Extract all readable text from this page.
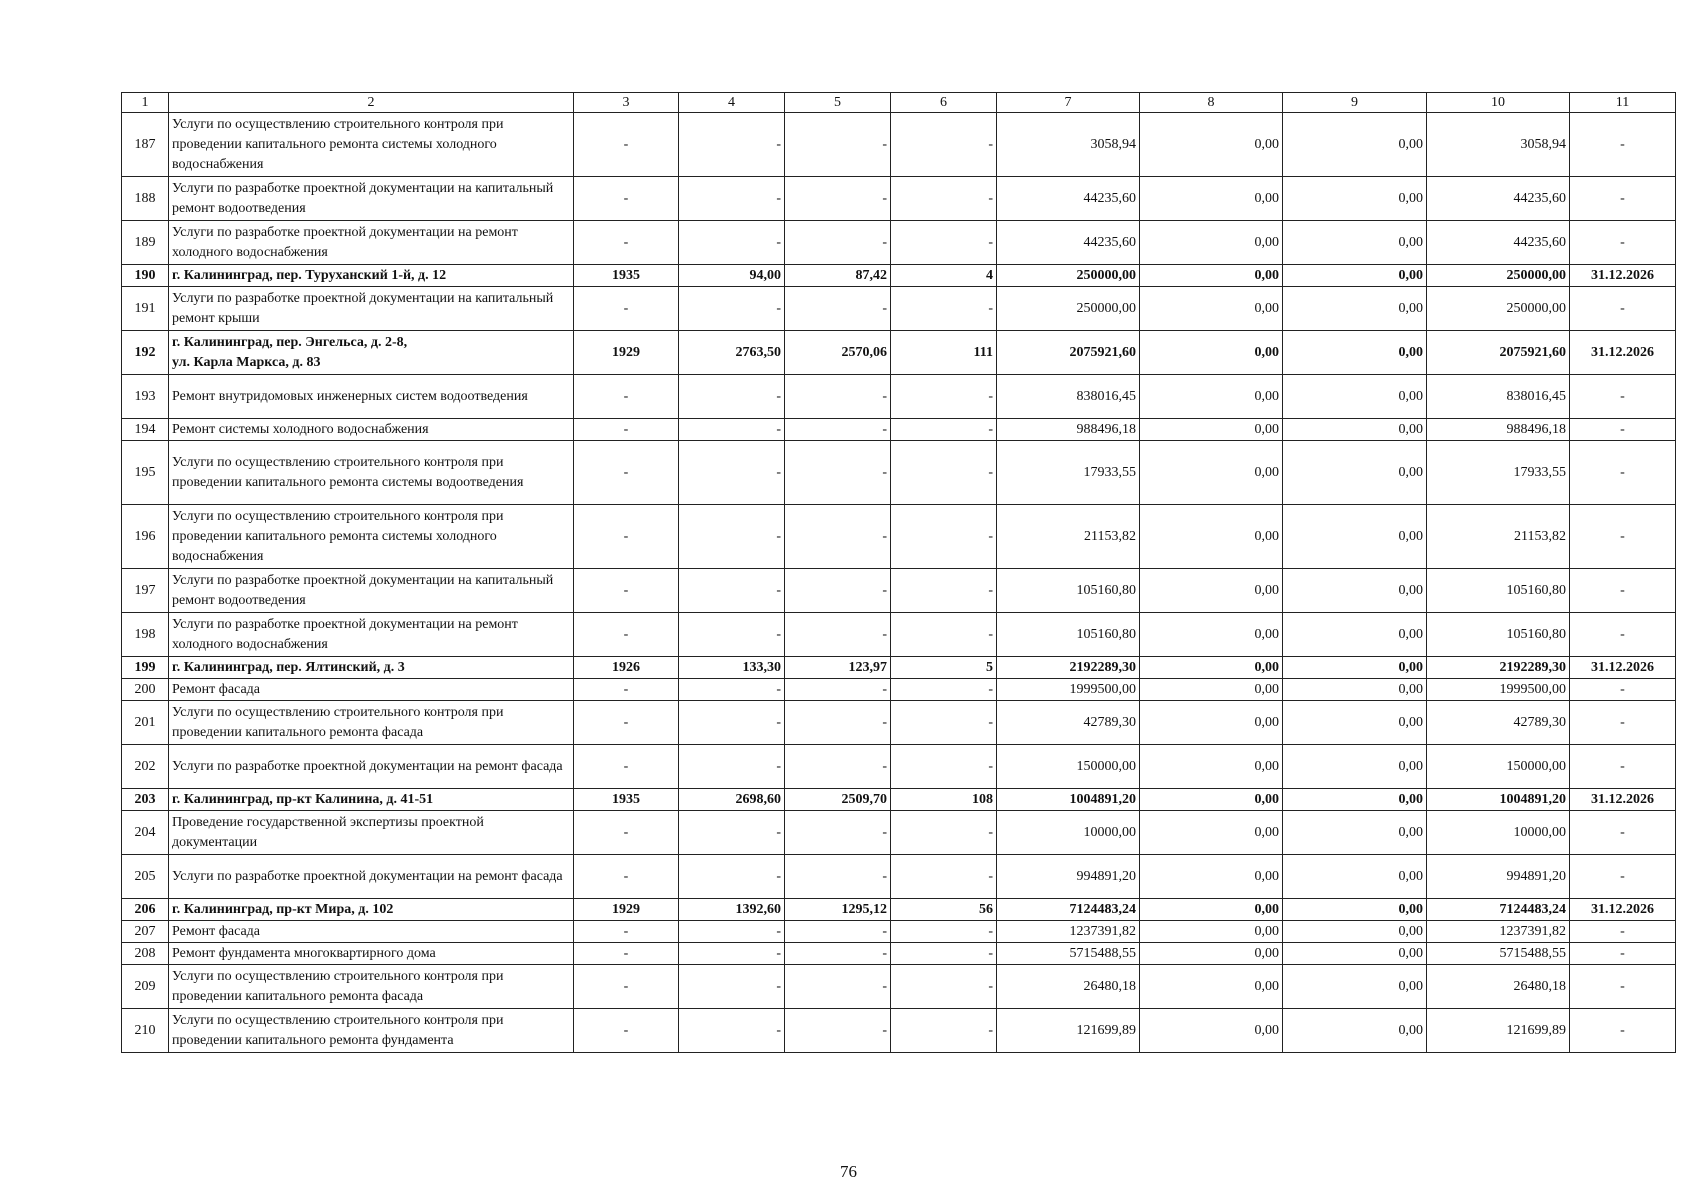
1	2	3	4	5	6	7	8	9	10	11
187	Услуги по осуществлению строительного контроля при проведении капитального ремонта системы холодного водоснабжения	-	-	-	-	3058,94	0,00	0,00	3058,94	-
188	Услуги по разработке проектной документации на капитальный ремонт водоотведения	-	-	-	-	44235,60	0,00	0,00	44235,60	-
189	Услуги по разработке проектной документации на ремонт холодного водоснабжения	-	-	-	-	44235,60	0,00	0,00	44235,60	-
190	г. Калининград, пер. Туруханский 1-й, д. 12	1935	94,00	87,42	4	250000,00	0,00	0,00	250000,00	31.12.2026
191	Услуги по разработке проектной документации на капитальный ремонт крыши	-	-	-	-	250000,00	0,00	0,00	250000,00	-
192	г. Калининград, пер. Энгельса, д. 2-8,
ул. Карла Маркса, д. 83	1929	2763,50	2570,06	111	2075921,60	0,00	0,00	2075921,60	31.12.2026
193	Ремонт внутридомовых инженерных систем водоотведения	-	-	-	-	838016,45	0,00	0,00	838016,45	-
194	Ремонт системы холодного водоснабжения	-	-	-	-	988496,18	0,00	0,00	988496,18	-
195	Услуги по осуществлению строительного контроля при проведении капитального ремонта системы водоотведения	-	-	-	-	17933,55	0,00	0,00	17933,55	-
196	Услуги по осуществлению строительного контроля при проведении капитального ремонта системы холодного водоснабжения	-	-	-	-	21153,82	0,00	0,00	21153,82	-
197	Услуги по разработке проектной документации на капитальный ремонт водоотведения	-	-	-	-	105160,80	0,00	0,00	105160,80	-
198	Услуги по разработке проектной документации на ремонт холодного водоснабжения	-	-	-	-	105160,80	0,00	0,00	105160,80	-
199	г. Калининград, пер. Ялтинский, д. 3	1926	133,30	123,97	5	2192289,30	0,00	0,00	2192289,30	31.12.2026
200	Ремонт фасада	-	-	-	-	1999500,00	0,00	0,00	1999500,00	-
201	Услуги по осуществлению строительного контроля при проведении капитального ремонта фасада	-	-	-	-	42789,30	0,00	0,00	42789,30	-
202	Услуги по разработке проектной документации на ремонт фасада	-	-	-	-	150000,00	0,00	0,00	150000,00	-
203	г. Калининград, пр-кт Калинина, д. 41-51	1935	2698,60	2509,70	108	1004891,20	0,00	0,00	1004891,20	31.12.2026
204	Проведение государственной экспертизы проектной документации	-	-	-	-	10000,00	0,00	0,00	10000,00	-
205	Услуги по разработке проектной документации на ремонт фасада	-	-	-	-	994891,20	0,00	0,00	994891,20	-
206	г. Калининград, пр-кт Мира, д. 102	1929	1392,60	1295,12	56	7124483,24	0,00	0,00	7124483,24	31.12.2026
207	Ремонт фасада	-	-	-	-	1237391,82	0,00	0,00	1237391,82	-
208	Ремонт фундамента многоквартирного дома	-	-	-	-	5715488,55	0,00	0,00	5715488,55	-
209	Услуги по осуществлению строительного контроля при проведении капитального ремонта фасада	-	-	-	-	26480,18	0,00	0,00	26480,18	-
210	Услуги по осуществлению строительного контроля при проведении капитального ремонта фундамента	-	-	-	-	121699,89	0,00	0,00	121699,89	-
76
